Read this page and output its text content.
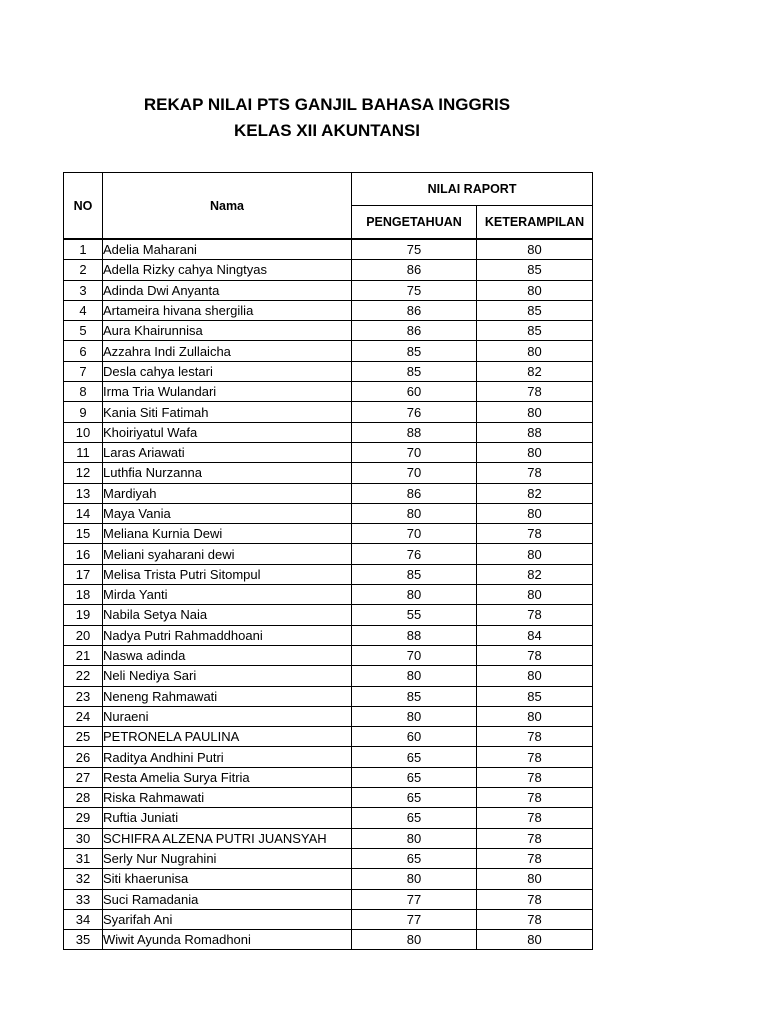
REKAP NILAI PTS GANJIL BAHASA INGGRIS
KELAS XII AKUNTANSI
NO	Nama	NILAI RAPORT	
		PENGETAHUAN	KETERAMPILAN
1	Adelia Maharani	75	80
2	Adella Rizky cahya Ningtyas	86	85
3	Adinda Dwi Anyanta	75	80
4	Artameira hivana shergilia	86	85
5	Aura Khairunnisa	86	85
6	Azzahra Indi Zullaicha	85	80
7	Desla cahya lestari	85	82
8	Irma Tria Wulandari	60	78
9	Kania Siti Fatimah	76	80
10	Khoiriyatul Wafa	88	88
11	Laras Ariawati	70	80
12	Luthfia Nurzanna	70	78
13	Mardiyah	86	82
14	Maya Vania	80	80
15	Meliana Kurnia Dewi	70	78
16	Meliani syaharani dewi	76	80
17	Melisa Trista Putri Sitompul	85	82
18	Mirda Yanti	80	80
19	Nabila Setya Naia	55	78
20	Nadya Putri Rahmaddhoani	88	84
21	Naswa adinda	70	78
22	Neli Nediya Sari	80	80
23	Neneng Rahmawati	85	85
24	Nuraeni	80	80
25	PETRONELA PAULINA	60	78
26	Raditya Andhini Putri	65	78
27	Resta Amelia Surya Fitria	65	78
28	Riska Rahmawati	65	78
29	Ruftia Juniati	65	78
30	SCHIFRA ALZENA PUTRI JUANSYAH	80	78
31	Serly Nur Nugrahini	65	78
32	Siti khaerunisa	80	80
33	Suci Ramadania	77	78
34	Syarifah Ani	77	78
35	Wiwit Ayunda Romadhoni	80	80
